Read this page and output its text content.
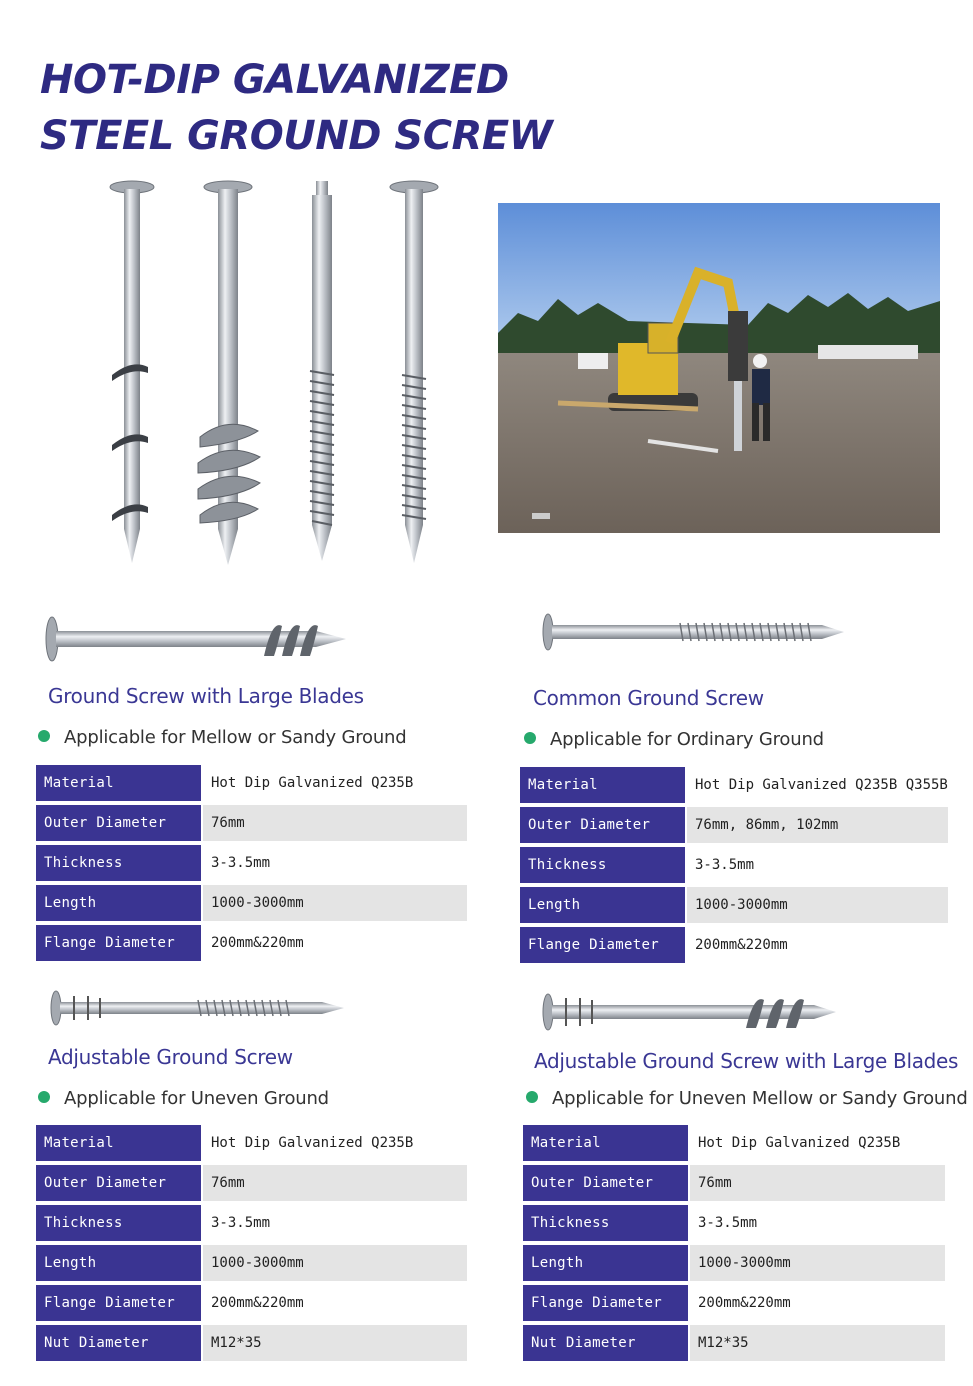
HOT-DIP GALVANIZED
STEEL GROUND SCREW
Ground Screw with Large Blades
Applicable for Mellow or Sandy Ground
Material	Hot Dip Galvanized Q235B
Outer Diameter	76mm
Thickness	3-3.5mm
Length	1000-3000mm
Flange Diameter	200mm&220mm
Common Ground Screw
Applicable for Ordinary Ground
Material	Hot Dip Galvanized Q235B Q355B
Outer Diameter	76mm, 86mm, 102mm
Thickness	3-3.5mm
Length	1000-3000mm
Flange Diameter	200mm&220mm
Adjustable Ground Screw
Applicable for Uneven Ground
Material	Hot Dip Galvanized Q235B
Outer Diameter	76mm
Thickness	3-3.5mm
Length	1000-3000mm
Flange Diameter	200mm&220mm
Nut Diameter	M12*35
Adjustable Ground Screw with Large Blades
Applicable for Uneven Mellow or Sandy Ground
Material	Hot Dip Galvanized Q235B
Outer Diameter	76mm
Thickness	3-3.5mm
Length	1000-3000mm
Flange Diameter	200mm&220mm
Nut Diameter	M12*35
